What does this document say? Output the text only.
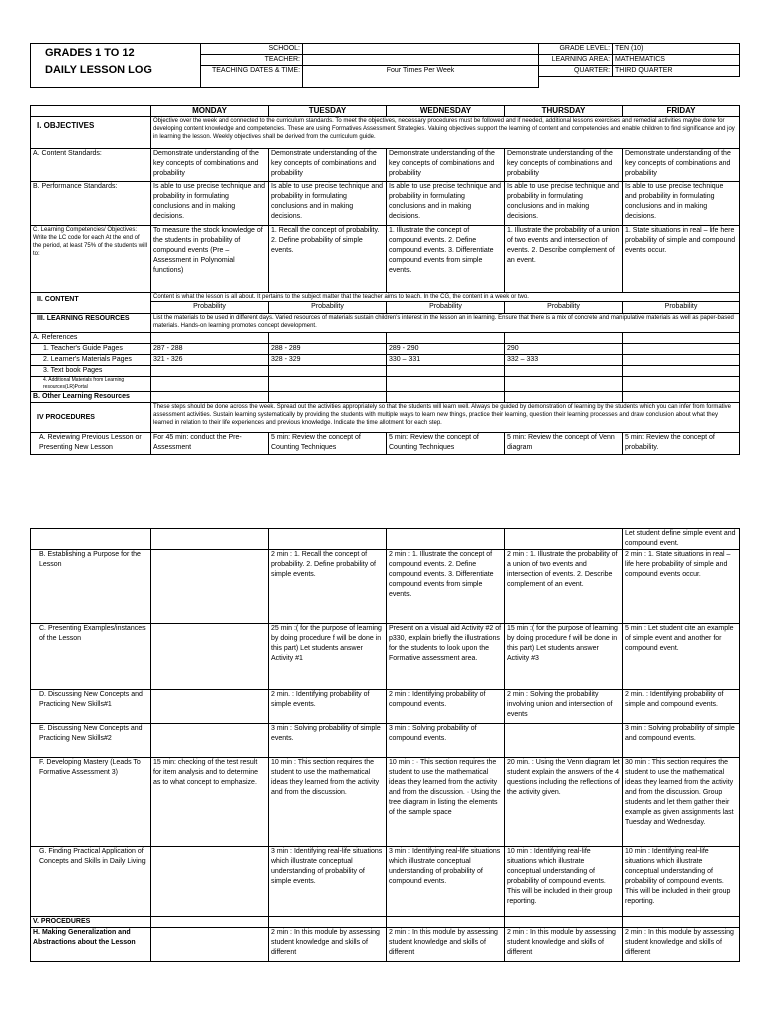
GRADES 1 TO 12
DAILY LESSON LOG	SCHOOL:		GRADE LEVEL:	TEN (10)
	TEACHER:		LEARNING AREA:	MATHEMATICS
	TEACHING DATES & TIME:	Four Times Per Week	QUARTER:	THIRD QUARTER

	MONDAY	TUESDAY	WEDNESDAY	THURSDAY	FRIDAY
I. OBJECTIVES	Objective over the week and connected to the curriculum standards. To meet the objectives, necessary procedures must be followed and if needed, additional lessons exercises and remedial activities maybe done for developing content knowledge and competencies. These are using Formatives Assessment Strategies. Valuing objectives support the learning of content and competencies and enable children to find significance and joy in learning the lesson. Weekly objectives shall be derived from the curriculum guide.				
A. Content Standards:	Demonstrate understanding of the key concepts of combinations and probability	Demonstrate understanding of the key concepts of combinations and probability	Demonstrate understanding of the key concepts of combinations and probability	Demonstrate understanding of the key concepts of combinations and probability	Demonstrate understanding of the key concepts of combinations and probability
B. Performance Standards:	Is able to use precise technique and probability in formulating conclusions and in making decisions.	Is able to use precise technique and probability in formulating conclusions and in making decisions.	Is able to use precise technique and probability in formulating conclusions and in making decisions.	Is able to use precise technique and probability in formulating conclusions and in making decisions.	Is able to use precise technique and probability in formulating conclusions and in making decisions.
C. Learning Competencies/ Objectives: Write the LC code for each At the end of the period, at least 75% of the students will to:	To measure the stock knowledge of the students in probability of compound events (Pre – Assessment in Polynomial functions)	1. Recall the concept of probability. 2. Define probability of simple events.	1. Illustrate the concept of compound events. 2. Define compound events. 3. Differentiate compound events from simple events.	1. Illustrate the probability of a union of two events and intersection of events. 2. Describe complement of an event.	1. State situations in real – life here probability of simple and compound events occur.
II. CONTENT	Content is what the lesson is all about. It pertains to the subject matter that the teacher aims to teach. In the CG, the content in a week or two.				
	Probability	Probability	Probability	Probability	Probability
III. LEARNING RESOURCES	List the materials to be used in different days. Varied resources of materials sustain children's interest in the lesson an in learning. Ensure that there is a mix of concrete and manipulative materials as well as paper-based materials. Hands-on learning promotes concept development.				
A. References					
1. Teacher's Guide Pages	287 - 288	288 - 289	289 - 290	290	
2. Learner's Materials Pages	321 - 326	328 - 329	330 – 331	332 – 333	
3. Text book Pages					
4. Additional Materials from Learning resources(LR)Portal					
B. Other Learning Resources					
IV PROCEDURES	These steps should be done across the week. Spread out the activities appropriately so that the students will learn well. Always be guided by demonstration of learning by the students which you can infer from formative assessment activities. Sustain learning systematically by providing the students with multiple ways to learn new things, practice their learning, question their learning processes and draw conclusion about what they learned in relation to their life experiences and previous knowledge. Indicate the time allotment for each step.				
A. Reviewing Previous Lesson or Presenting New Lesson	For 45 min: conduct the Pre-Assessment	5 min: Review the concept of Counting Techniques	5 min: Review the concept of Counting Techniques	5 min: Review the concept of Venn diagram	5 min: Review the concept of probability.
					Let student define simple event and compound event.
B. Establishing a Purpose for the Lesson		2 min : 1. Recall the concept of probability. 2. Define probability of simple events.	2 min : 1. Illustrate the concept of compound events. 2. Define compound events. 3. Differentiate compound events from simple events.	2 min : 1. Illustrate the probability of a union of two events and intersection of events. 2. Describe complement of an event.	2 min : 1. State situations in real – life here probability of simple and compound events occur.
C. Presenting Examples/instances of the Lesson		25 min :( for the purpose of learning by doing procedure f will be done in this part) Let students answer Activity #1	Present on a visual aid Activity #2 of p330, explain briefly the illustrations for the students to look upon the Formative assessment area.	15 min :( for the purpose of learning by doing procedure f will be done in this part) Let students answer Activity #3	5 min : Let student cite an example of simple event and another for compound event.
D. Discussing New Concepts and Practicing New Skills#1		2 min. : Identifying probability of simple events.	2 min : Identifying probability of compound events.	2 min : Solving the probability involving union and intersection of events	2 min. : Identifying probability of simple and compound events.
E. Discussing New Concepts and Practicing New Skills#2		3 min : Solving probability of simple events.	3 min : Solving probability of compound events.		3 min : Solving probability of simple and compound events.
F. Developing Mastery (Leads To Formative Assessment 3)	15 min: checking of the test result for item analysis and to determine as to what concept to emphasize.	10 min : This section requires the student to use the mathematical ideas they learned from the activity and from the discussion.	10 min : · This section requires the student to use the mathematical ideas they learned from the activity and from the discussion. · Using the tree diagram in listing the elements of the sample space	20 min. : Using the Venn diagram let student explain the answers of the 4 questions including the reflections of the activity given.	30 min : This section requires the student to use the mathematical ideas they learned from the activity and from the discussion. Group students and let them gather their example as given assignments last Tuesday and Wednesday.
G. Finding Practical Application of Concepts and Skills in Daily Living		3 min : Identifying real-life situations which illustrate conceptual understanding of probability of simple events.	3 min : Identifying real-life situations which illustrate conceptual understanding of probability of compound events.	10 min : Identifying real-life situations which illustrate conceptual understanding of probability of compound events. This will be included in their group reporting.	10 min : Identifying real-life situations which illustrate conceptual understanding of probability of compound events. This will be included in their group reporting.
V. PROCEDURES					
H. Making Generalization and Abstractions about the Lesson		2 min : In this module by assessing student knowledge and skills of different	2 min : In this module by assessing student knowledge and skills of different	2 min : In this module by assessing student knowledge and skills of different	2 min : In this module by assessing student knowledge and skills of different
